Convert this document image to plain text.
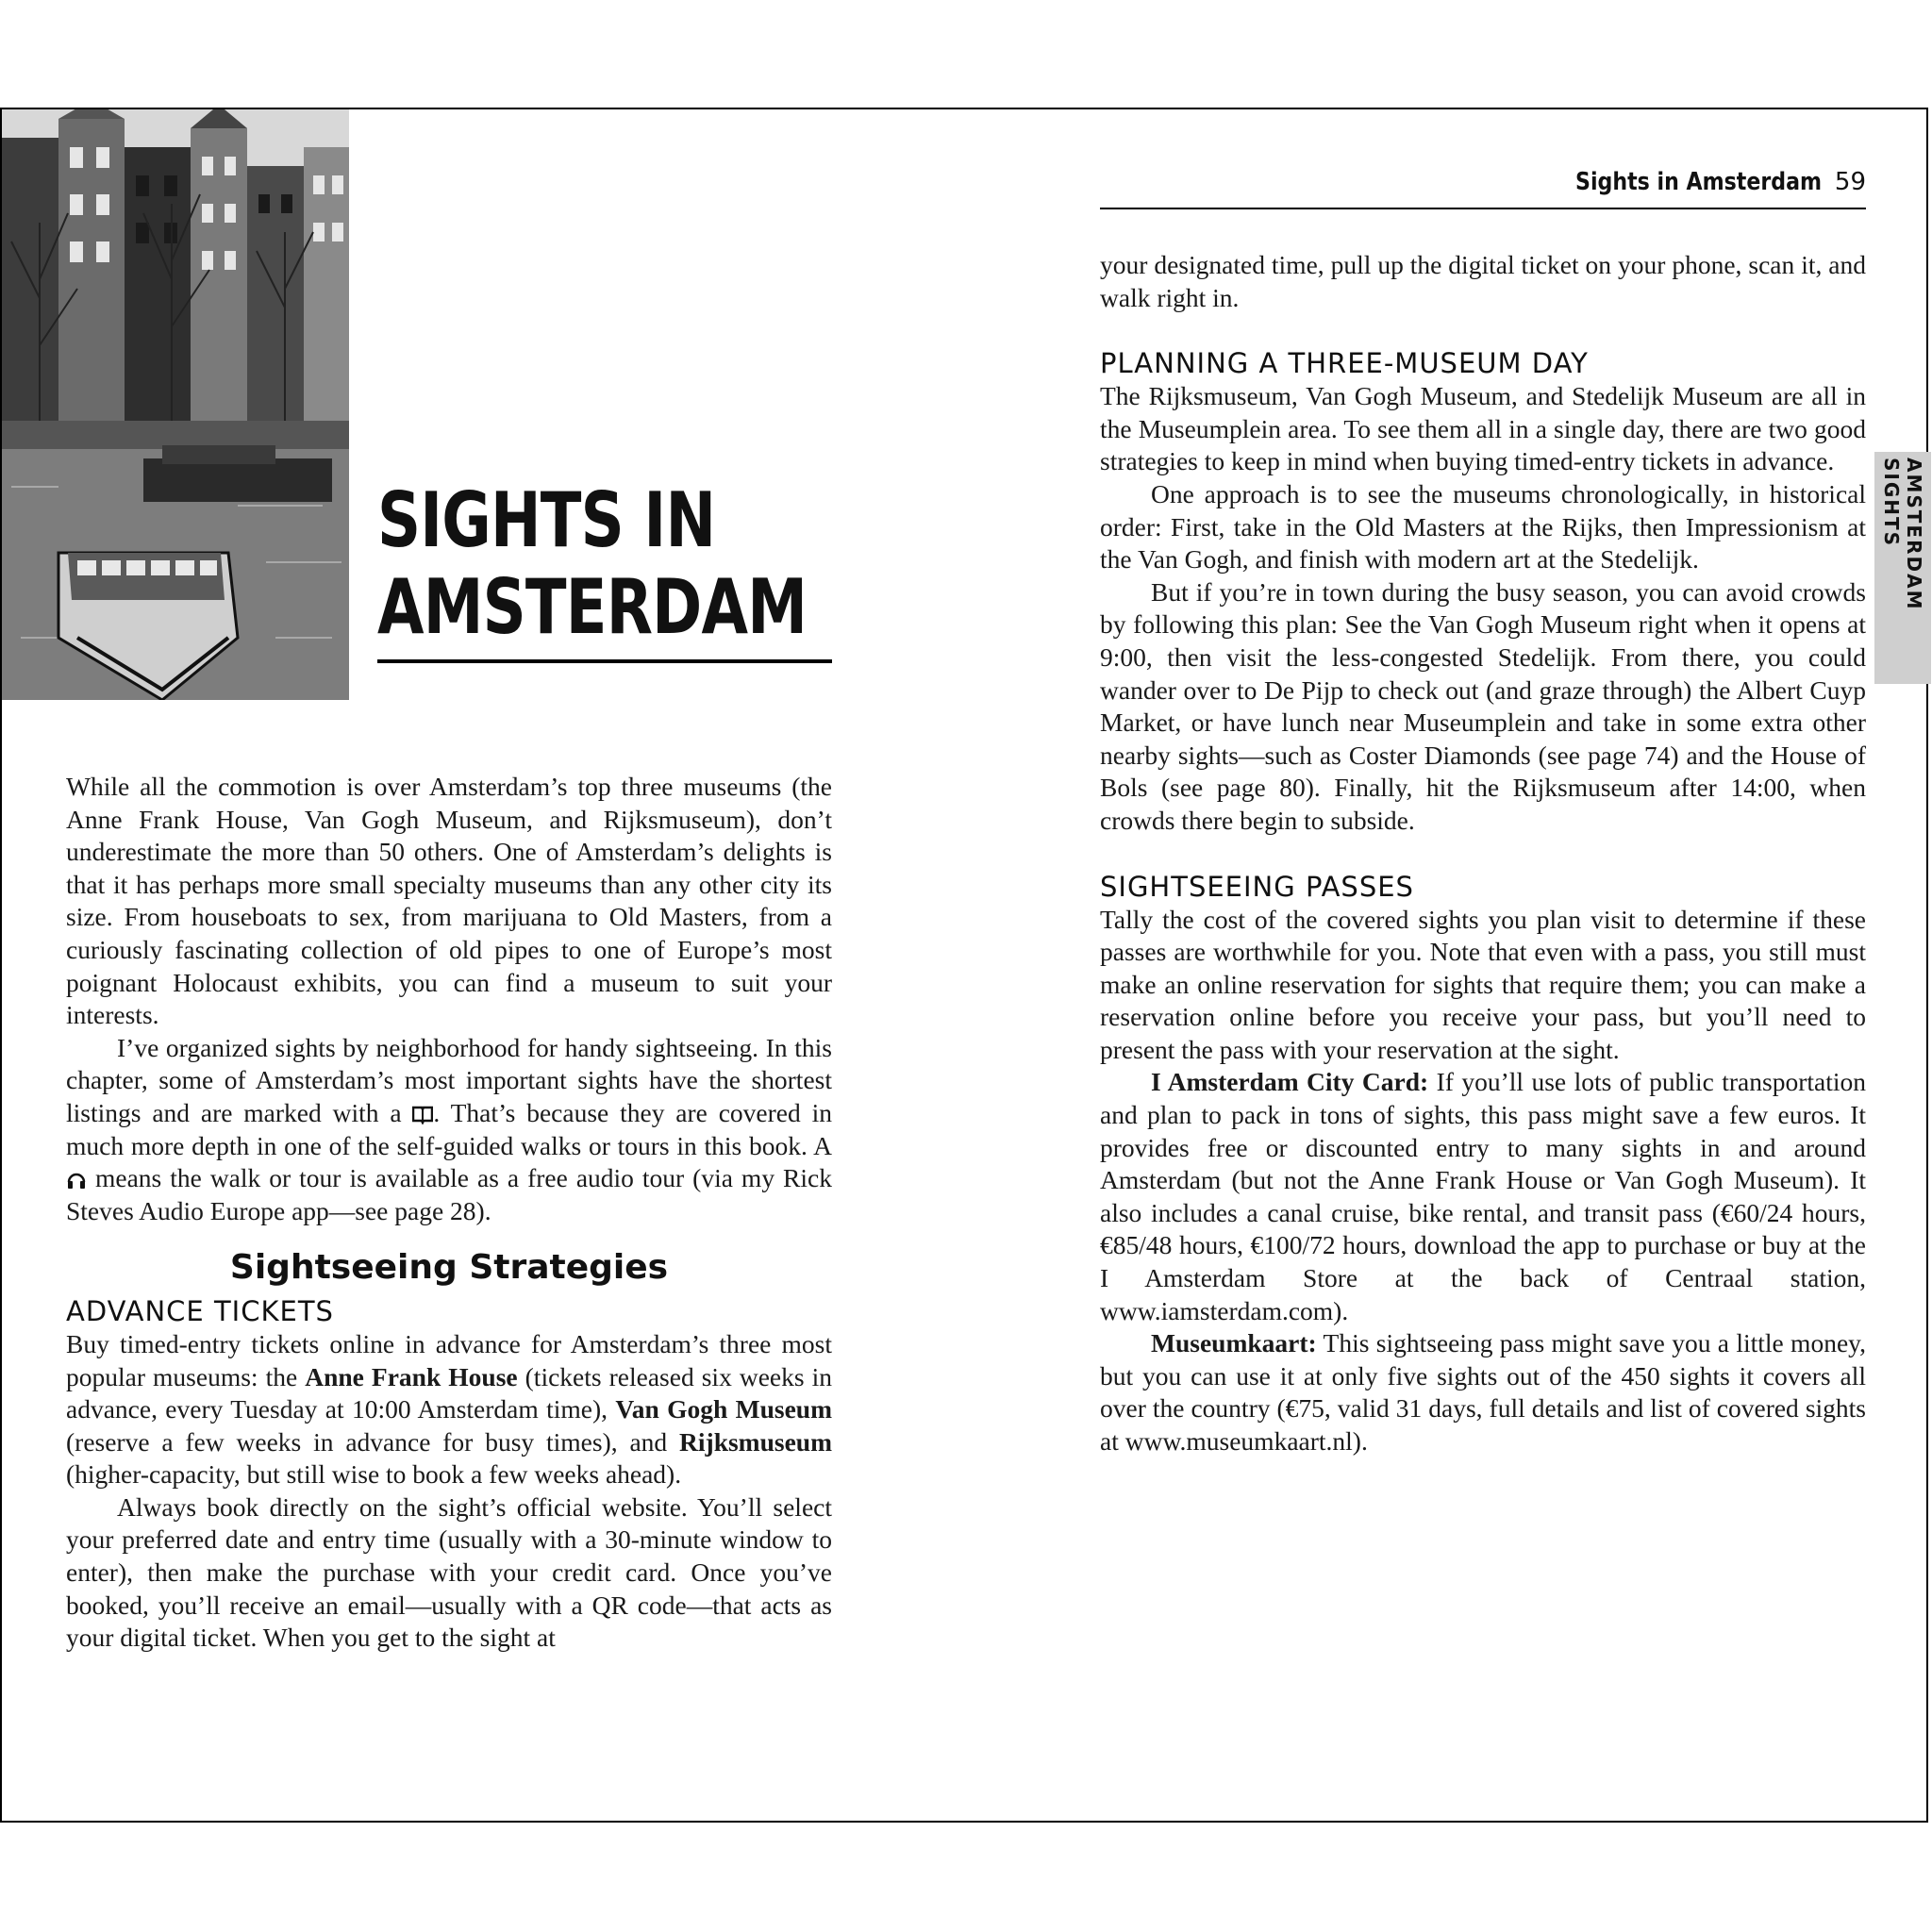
SIGHTS IN
AMSTERDAM

While all the commotion is over Amsterdam’s top three museums (the Anne Frank House, Van Gogh Museum, and Rijksmuseum), don’t underestimate the more than 50 others. One of Amsterdam’s delights is that it has perhaps more small specialty museums than any other city its size. From houseboats to sex, from marijuana to Old Masters, from a curiously fascinating collection of old pipes to one of Europe’s most poignant Holocaust exhibits, you can find a museum to suit your interests.

I’ve organized sights by neighborhood for handy sightseeing. In this chapter, some of Amsterdam’s most important sights have the shortest listings and are marked with a . That’s because they are covered in much more depth in one of the self-guided walks or tours in this book. A  means the walk or tour is available as a free audio tour (via my Rick Steves Audio Europe app—see page 28).

Sightseeing Strategies
ADVANCE TICKETS

Buy timed-entry tickets online in advance for Amsterdam’s three most popular museums: the Anne Frank House (tickets released six weeks in advance, every Tuesday at 10:00 Amsterdam time), Van Gogh Museum (reserve a few weeks in advance for busy times), and Rijksmuseum (higher-capacity, but still wise to book a few weeks ahead).

Always book directly on the sight’s official website. You’ll select your preferred date and entry time (usually with a 30-minute window to enter), then make the purchase with your credit card. Once you’ve booked, you’ll receive an email—usually with a QR code—that acts as your digital ticket. When you get to the sight at

Sights in Amsterdam 59
AMSTERDAM SIGHTS

your designated time, pull up the digital ticket on your phone, scan it, and walk right in.

PLANNING A THREE-MUSEUM DAY

The Rijksmuseum, Van Gogh Museum, and Stedelijk Museum are all in the Museumplein area. To see them all in a single day, there are two good strategies to keep in mind when buying timed-entry tickets in advance.

One approach is to see the museums chronologically, in historical order: First, take in the Old Masters at the Rijks, then Impressionism at the Van Gogh, and finish with modern art at the Stedelijk.

But if you’re in town during the busy season, you can avoid crowds by following this plan: See the Van Gogh Museum right when it opens at 9:00, then visit the less-congested Stedelijk. From there, you could wander over to De Pijp to check out (and graze through) the Albert Cuyp Market, or have lunch near Museumplein and take in some extra other nearby sights—such as Coster Diamonds (see page 74) and the House of Bols (see page 80). Finally, hit the Rijksmuseum after 14:00, when crowds there begin to subside.

SIGHTSEEING PASSES

Tally the cost of the covered sights you plan visit to determine if these passes are worthwhile for you. Note that even with a pass, you still must make an online reservation for sights that require them; you can make a reservation online before you receive your pass, but you’ll need to present the pass with your reservation at the sight.

I Amsterdam City Card: If you’ll use lots of public transportation and plan to pack in tons of sights, this pass might save a few euros. It provides free or discounted entry to many sights in and around Amsterdam (but not the Anne Frank House or Van Gogh Museum). It also includes a canal cruise, bike rental, and transit pass (€60/24 hours, €85/48 hours, €100/72 hours, download the app to purchase or buy at the I Amsterdam Store at the back of Centraal station, www.iamsterdam.com).

Museumkaart: This sightseeing pass might save you a little money, but you can use it at only five sights out of the 450 sights it covers all over the country (€75, valid 31 days, full details and list of covered sights at www.museumkaart.nl).
